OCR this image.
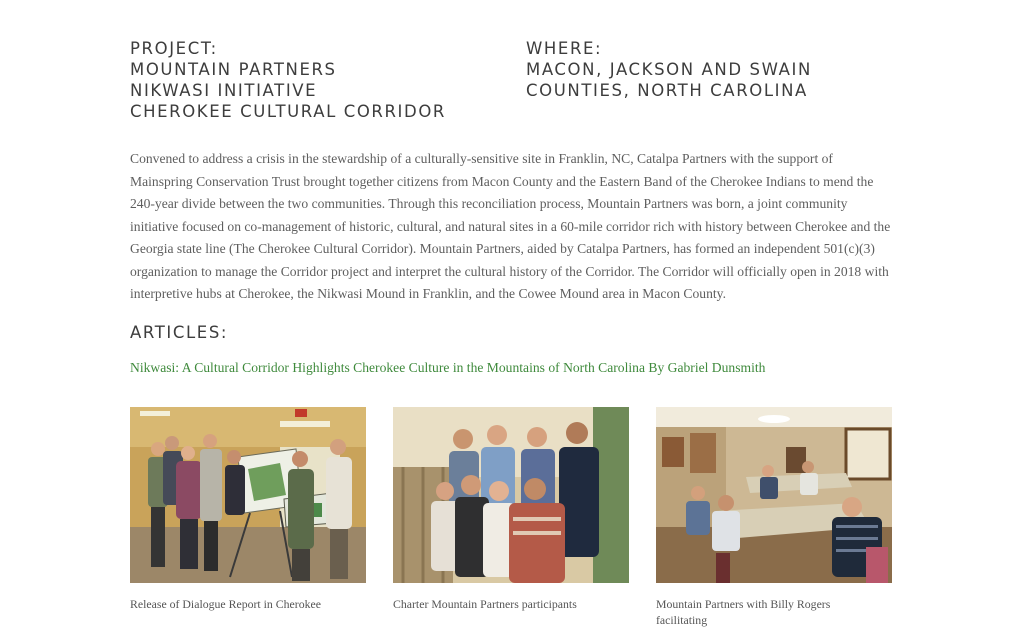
PROJECT:
MOUNTAIN PARTNERS
NIKWASI INITIATIVE
CHEROKEE CULTURAL CORRIDOR
WHERE:
MACON, JACKSON AND SWAIN
COUNTIES, NORTH CAROLINA

Convened to address a crisis in the stewardship of a culturally-sensitive site in Franklin, NC, Catalpa Partners with the support of Mainspring Conservation Trust brought together citizens from Macon County and the Eastern Band of the Cherokee Indians to mend the 240-year divide between the two communities. Through this reconciliation process, Mountain Partners was born, a joint community initiative focused on co-management of historic, cultural, and natural sites in a 60-mile corridor rich with history between Cherokee and the Georgia state line (The Cherokee Cultural Corridor). Mountain Partners, aided by Catalpa Partners, has formed an independent 501(c)(3) organization to manage the Corridor project and interpret the cultural history of the Corridor. The Corridor will officially open in 2018 with interpretive hubs at Cherokee, the Nikwasi Mound in Franklin, and the Cowee Mound area in Macon County.

ARTICLES:
Nikwasi: A Cultural Corridor Highlights Cherokee Culture in the Mountains of North Carolina By Gabriel Dunsmith
Release of Dialogue Report in Cherokee	Charter Mountain Partners participants	Mountain Partners with Billy Rogers facilitating
